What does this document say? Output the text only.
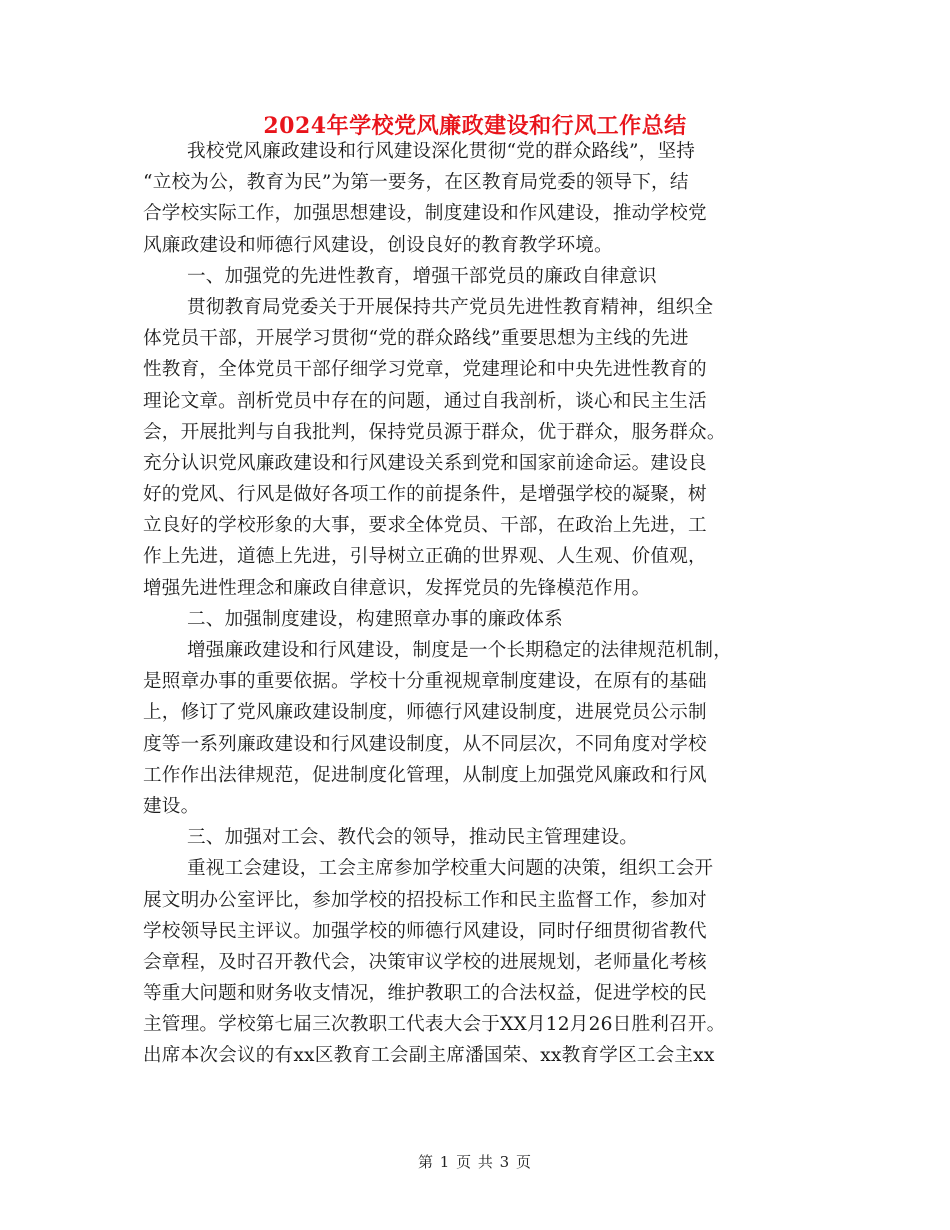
2024年学校党风廉政建设和行风工作总结
我校党风廉政建设和行风建设深化贯彻“党的群众路线”，坚持
“立校为公，教育为民”为第一要务，在区教育局党委的领导下，结
合学校实际工作，加强思想建设，制度建设和作风建设，推动学校党
风廉政建设和师德行风建设，创设良好的教育教学环境。
一、加强党的先进性教育，增强干部党员的廉政自律意识
贯彻教育局党委关于开展保持共产党员先进性教育精神，组织全
体党员干部，开展学习贯彻“党的群众路线”重要思想为主线的先进
性教育，全体党员干部仔细学习党章，党建理论和中央先进性教育的
理论文章。剖析党员中存在的问题，通过自我剖析，谈心和民主生活
会，开展批判与自我批判，保持党员源于群众，优于群众，服务群众。
充分认识党风廉政建设和行风建设关系到党和国家前途命运。建设良
好的党风、行风是做好各项工作的前提条件，是增强学校的凝聚，树
立良好的学校形象的大事，要求全体党员、干部，在政治上先进，工
作上先进，道德上先进，引导树立正确的世界观、人生观、价值观，
增强先进性理念和廉政自律意识，发挥党员的先锋模范作用。
二、加强制度建设，构建照章办事的廉政体系
增强廉政建设和行风建设，制度是一个长期稳定的法律规范机制，
是照章办事的重要依据。学校十分重视规章制度建设，在原有的基础
上，修订了党风廉政建设制度，师德行风建设制度，进展党员公示制
度等一系列廉政建设和行风建设制度，从不同层次，不同角度对学校
工作作出法律规范，促进制度化管理，从制度上加强党风廉政和行风
建设。
三、加强对工会、教代会的领导，推动民主管理建设。
重视工会建设，工会主席参加学校重大问题的决策，组织工会开
展文明办公室评比，参加学校的招投标工作和民主监督工作，参加对
学校领导民主评议。加强学校的师德行风建设，同时仔细贯彻省教代
会章程，及时召开教代会，决策审议学校的进展规划，老师量化考核
等重大问题和财务收支情况，维护教职工的合法权益，促进学校的民
主管理。学校第七届三次教职工代表大会于XX月12月26日胜利召开。
出席本次会议的有xx区教育工会副主席潘国荣、xx教育学区工会主xx
第 1 页 共 3 页
